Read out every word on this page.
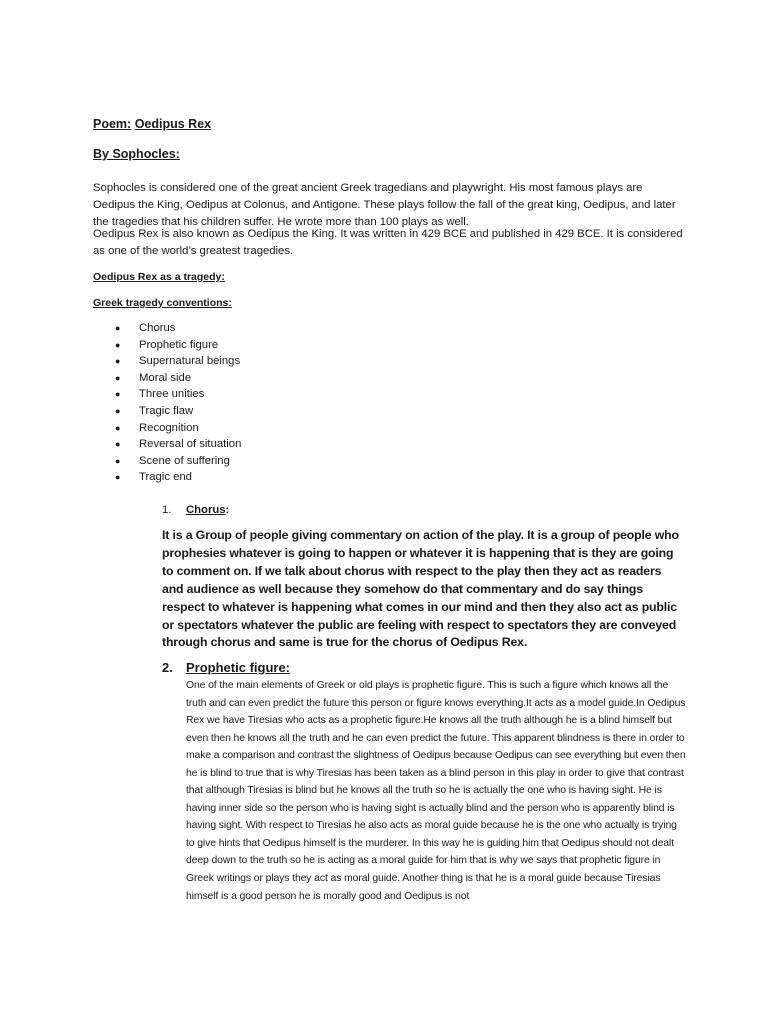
Poem: Oedipus Rex
By Sophocles:

Sophocles is considered one of the great ancient Greek tragedians and playwright. His most famous plays are Oedipus the King, Oedipus at Colonus, and Antigone. These plays follow the fall of the great king, Oedipus, and later the tragedies that his children suffer. He wrote more than 100 plays as well.

Oedipus Rex is also known as Oedipus the King. It was written in 429 BCE and published in 429 BCE. It is considered as one of the world’s greatest tragedies.

Oedipus Rex as a tragedy:
Greek tragedy conventions:
● Chorus
● Prophetic figure
● Supernatural beings
● Moral side
● Three unities
● Tragic flaw
● Recognition
● Reversal of situation
● Scene of suffering
● Tragic end
1. Chorus:

It is a Group of people giving commentary on action of the play. It is a group of people who prophesies whatever is going to happen or whatever it is happening that is they are going to comment on. If we talk about chorus with respect to the play then they act as readers and audience as well because they somehow do that commentary and do say things respect to whatever is happening what comes in our mind and then they also act as public or spectators whatever the public are feeling with respect to spectators they are conveyed through chorus and same is true for the chorus of Oedipus Rex.

2. Prophetic figure:

One of the main elements of Greek or old plays is prophetic figure. This is such a figure which knows all the truth and can even predict the future this person or figure knows everything.It acts as a model guide.In Oedipus Rex we have Tiresias who acts as a prophetic figure.He knows all the truth although he is a blind himself but even then he knows all the truth and he can even predict the future. This apparent blindness is there in order to make a comparison and contrast the slightness of Oedipus because Oedipus can see everything but even then he is blind to true that is why Tiresias has been taken as a blind person in this play in order to give that contrast that although Tiresias is blind but he knows all the truth so he is actually the one who is having sight. He is having inner side so the person who is having sight is actually blind and the person who is apparently blind is having sight. With respect to Tiresias he also acts as moral guide because he is the one who actually is trying to give hints that Oedipus himself is the murderer. In this way he is guiding him that Oedipus should not dealt deep down to the truth so he is acting as a moral guide for him that is why we says that prophetic figure in Greek writings or plays they act as moral guide. Another thing is that he is a moral guide because Tiresias himself is a good person he is morally good and Oedipus is not
